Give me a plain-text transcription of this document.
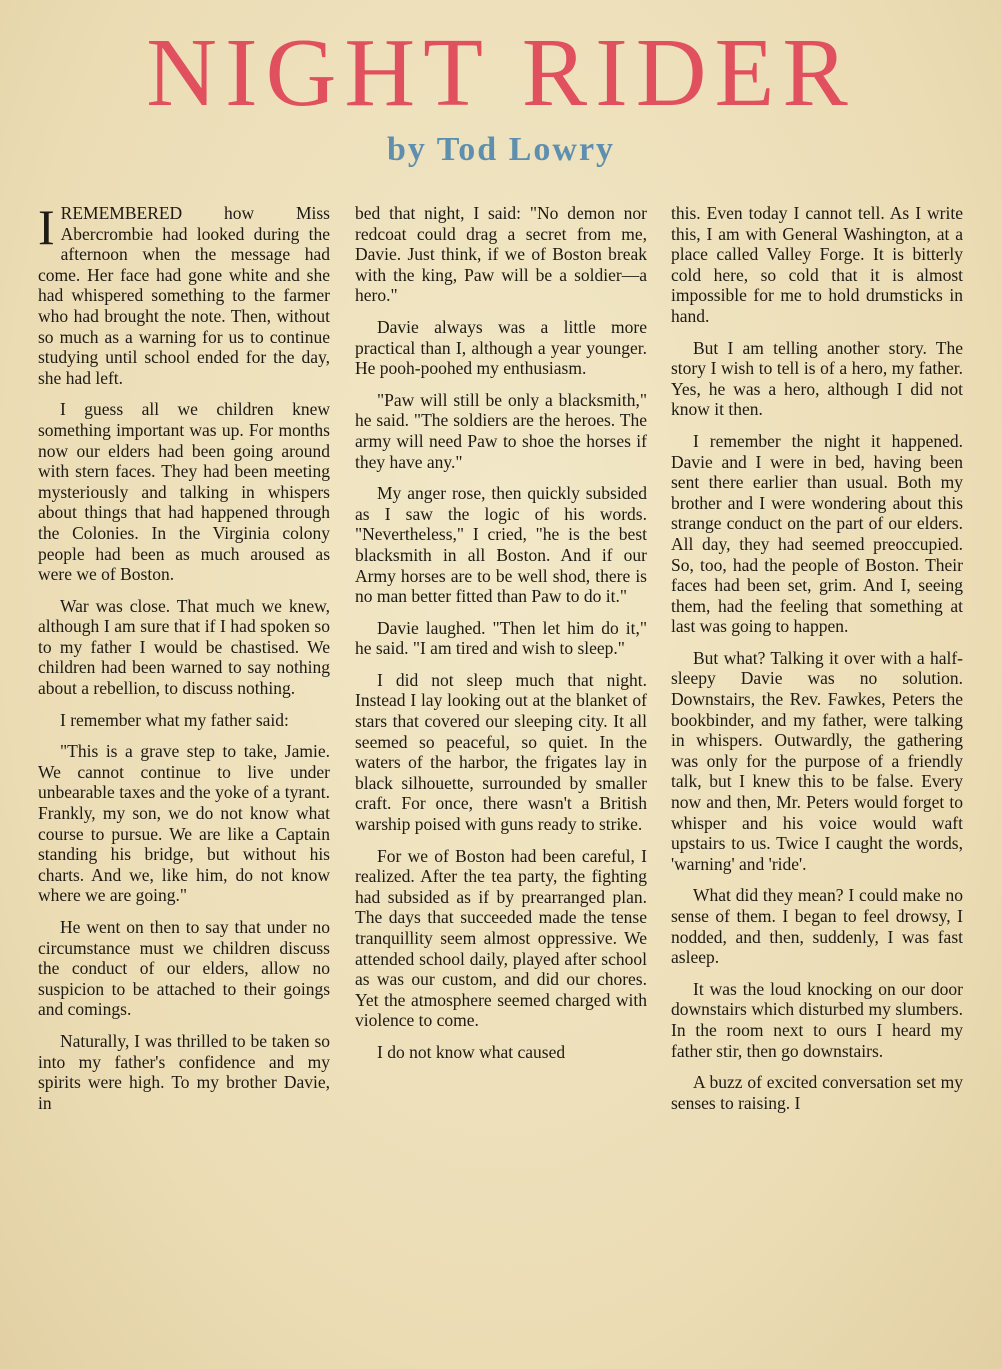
NIGHT RIDER
by Tod Lowry

I REMEMBERED how Miss Abercrombie had looked during the afternoon when the message had come. Her face had gone white and she had whispered something to the farmer who had brought the note. Then, without so much as a warning for us to continue studying until school ended for the day, she had left.

I guess all we children knew something important was up. For months now our elders had been going around with stern faces. They had been meeting mysteriously and talking in whispers about things that had happened through the Colonies. In the Virginia colony people had been as much aroused as were we of Boston.

War was close. That much we knew, although I am sure that if I had spoken so to my father I would be chastised. We children had been warned to say nothing about a rebellion, to discuss nothing.

I remember what my father said:

"This is a grave step to take, Jamie. We cannot continue to live under unbearable taxes and the yoke of a tyrant. Frankly, my son, we do not know what course to pursue. We are like a Captain standing his bridge, but without his charts. And we, like him, do not know where we are going."

He went on then to say that under no circumstance must we children discuss the conduct of our elders, allow no suspicion to be attached to their goings and comings.

Naturally, I was thrilled to be taken so into my father's confidence and my spirits were high. To my brother Davie, in

bed that night, I said: "No demon nor redcoat could drag a secret from me, Davie. Just think, if we of Boston break with the king, Paw will be a soldier—a hero."

Davie always was a little more practical than I, although a year younger. He pooh-poohed my enthusiasm.

"Paw will still be only a blacksmith," he said. "The soldiers are the heroes. The army will need Paw to shoe the horses if they have any."

My anger rose, then quickly subsided as I saw the logic of his words. "Nevertheless," I cried, "he is the best blacksmith in all Boston. And if our Army horses are to be well shod, there is no man better fitted than Paw to do it."

Davie laughed. "Then let him do it," he said. "I am tired and wish to sleep."

I did not sleep much that night. Instead I lay looking out at the blanket of stars that covered our sleeping city. It all seemed so peaceful, so quiet. In the waters of the harbor, the frigates lay in black silhouette, surrounded by smaller craft. For once, there wasn't a British warship poised with guns ready to strike.

For we of Boston had been careful, I realized. After the tea party, the fighting had subsided as if by prearranged plan. The days that succeeded made the tense tranquillity seem almost oppressive. We attended school daily, played after school as was our custom, and did our chores. Yet the atmosphere seemed charged with violence to come.

I do not know what caused

this. Even today I cannot tell. As I write this, I am with General Washington, at a place called Valley Forge. It is bitterly cold here, so cold that it is almost impossible for me to hold drumsticks in hand.

But I am telling another story. The story I wish to tell is of a hero, my father. Yes, he was a hero, although I did not know it then.

I remember the night it happened. Davie and I were in bed, having been sent there earlier than usual. Both my brother and I were wondering about this strange conduct on the part of our elders. All day, they had seemed preoccupied. So, too, had the people of Boston. Their faces had been set, grim. And I, seeing them, had the feeling that something at last was going to happen.

But what? Talking it over with a half-sleepy Davie was no solution. Downstairs, the Rev. Fawkes, Peters the bookbinder, and my father, were talking in whispers. Outwardly, the gathering was only for the purpose of a friendly talk, but I knew this to be false. Every now and then, Mr. Peters would forget to whisper and his voice would waft upstairs to us. Twice I caught the words, 'warning' and 'ride'.

What did they mean? I could make no sense of them. I began to feel drowsy, I nodded, and then, suddenly, I was fast asleep.

It was the loud knocking on our door downstairs which disturbed my slumbers. In the room next to ours I heard my father stir, then go downstairs.

A buzz of excited conversation set my senses to raising. I
